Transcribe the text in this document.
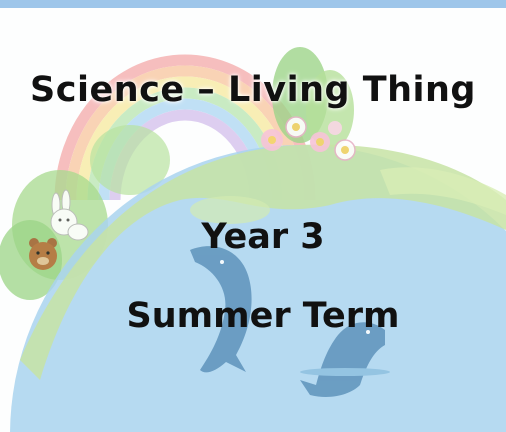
Science – Living Thing
Year 3
Summer Term
